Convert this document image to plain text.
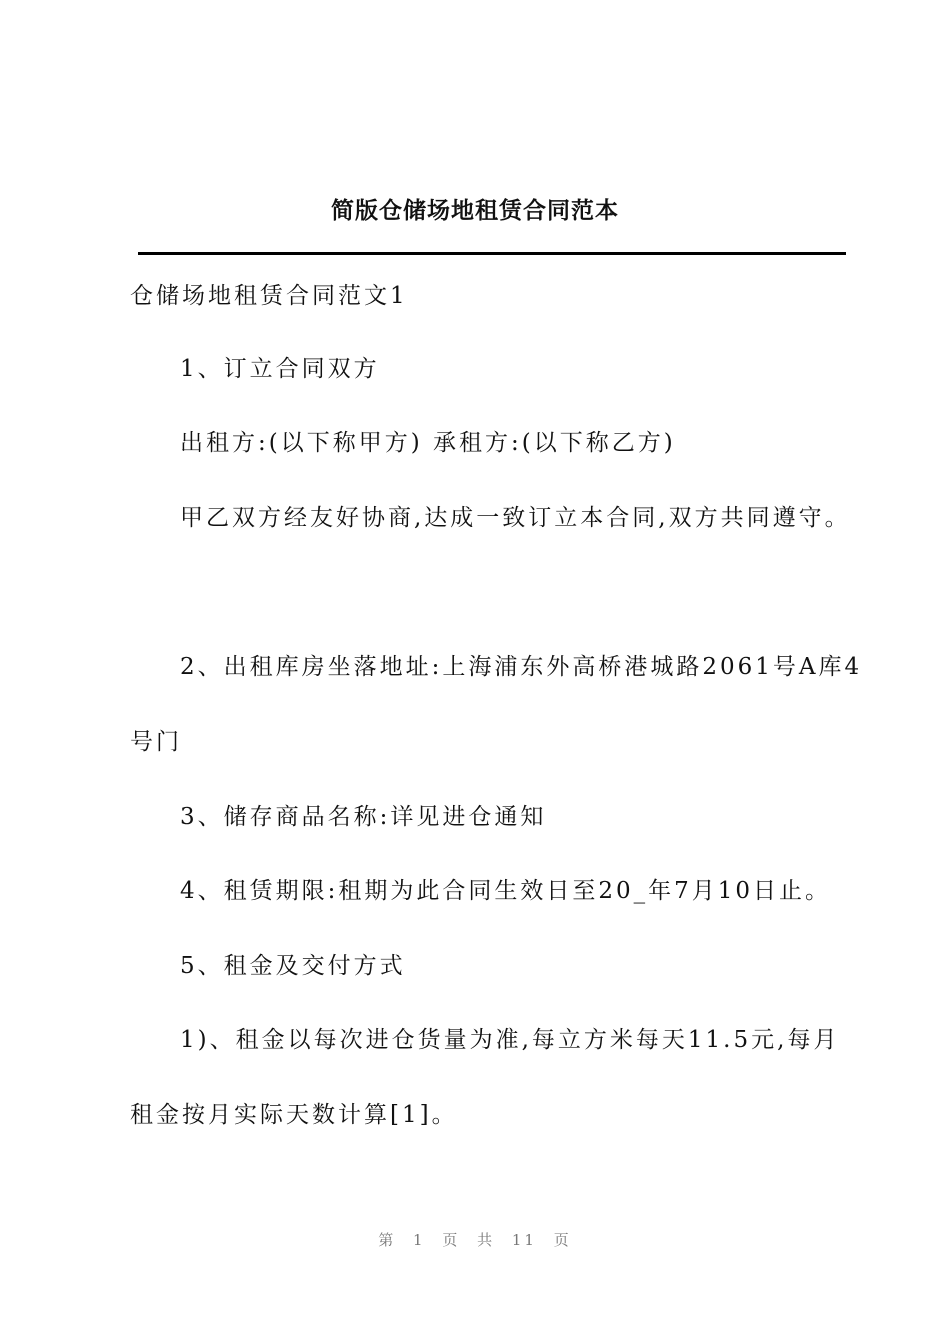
简版仓储场地租赁合同范本
仓储场地租赁合同范文1
1、订立合同双方
出租方:(以下称甲方) 承租方:(以下称乙方)
甲乙双方经友好协商,达成一致订立本合同,双方共同遵守。
2、出租库房坐落地址:上海浦东外高桥港城路2061号A库4
号门
3、储存商品名称:详见进仓通知
4、租赁期限:租期为此合同生效日至20_年7月10日止。
5、租金及交付方式
1)、租金以每次进仓货量为准,每立方米每天11.5元,每月
租金按月实际天数计算[1]。
第 1 页 共 11 页
